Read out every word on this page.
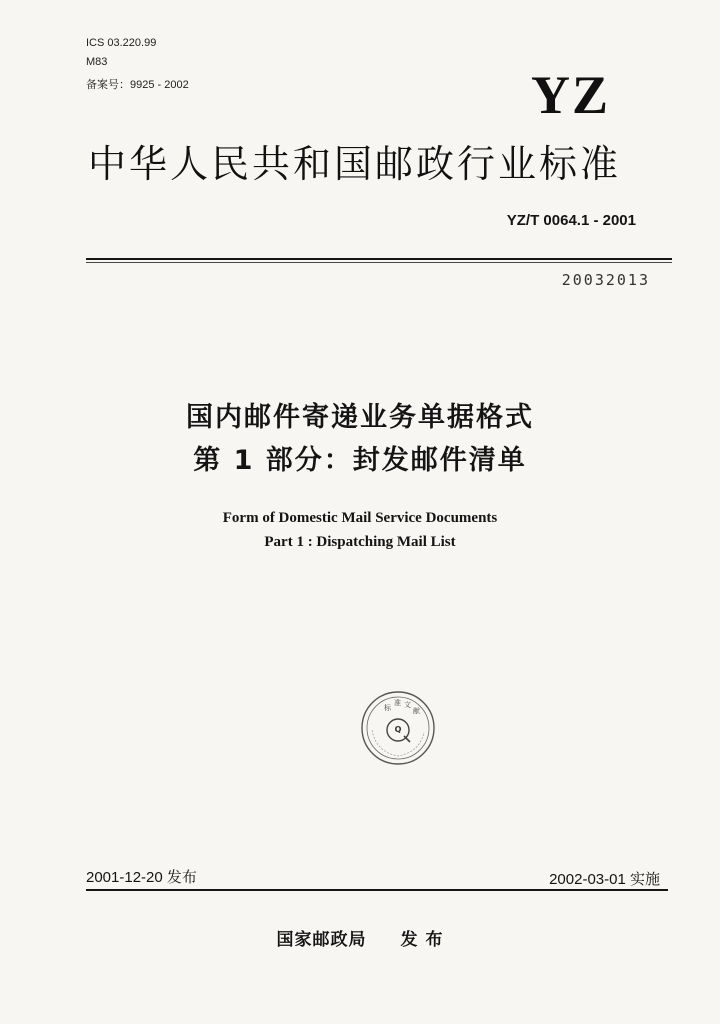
ICS 03.220.99
M83
备案号：9925 - 2002	YZ
中华人民共和国邮政行业标准
YZ/T 0064.1 - 2001
20032013
国内邮件寄递业务单据格式
第 1 部分：封发邮件清单
Form of Domestic Mail Service Documents
Part 1 : Dispatching Mail List
Q
标
准 文
献
2001-12-20 发布	2002-03-01 实施
国家邮政局 发 布
